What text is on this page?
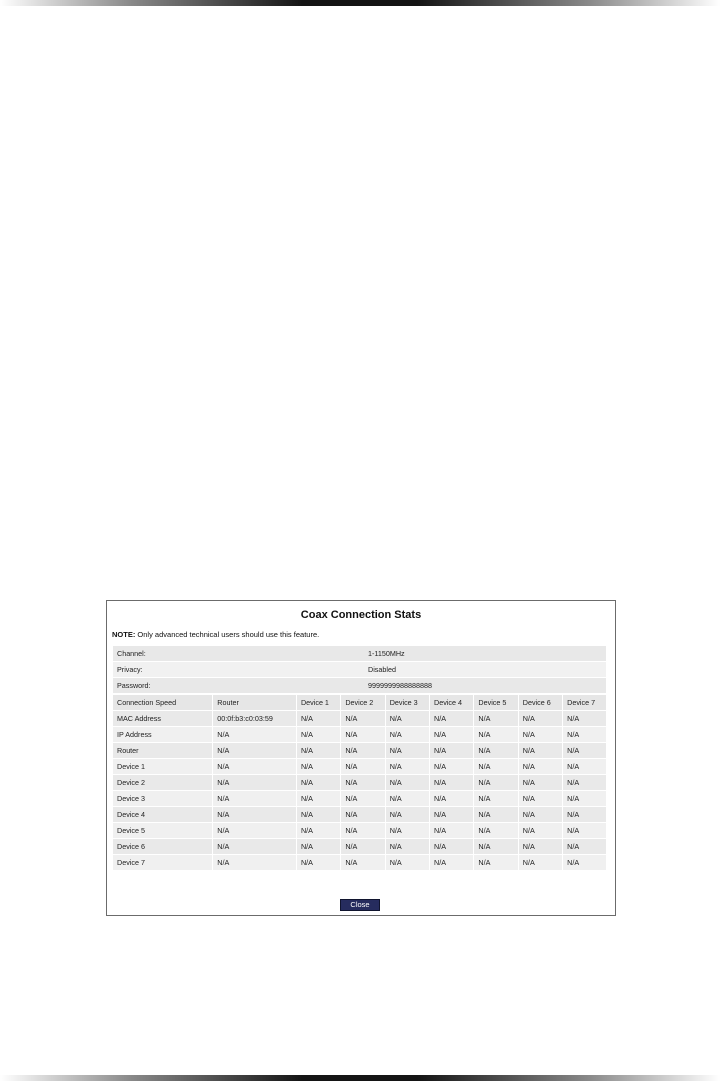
Coax Connection Stats
NOTE: Only advanced technical users should use this feature.
Channel:	1-1150MHz
Privacy:	Disabled
Password:	9999999988888888
Connection Speed	Router	Device 1	Device 2	Device 3	Device 4	Device 5	Device 6	Device 7
MAC Address	00:0f:b3:c0:03:59	N/A	N/A	N/A	N/A	N/A	N/A	N/A
IP Address	N/A	N/A	N/A	N/A	N/A	N/A	N/A	N/A
Router	N/A	N/A	N/A	N/A	N/A	N/A	N/A	N/A
Device 1	N/A	N/A	N/A	N/A	N/A	N/A	N/A	N/A
Device 2	N/A	N/A	N/A	N/A	N/A	N/A	N/A	N/A
Device 3	N/A	N/A	N/A	N/A	N/A	N/A	N/A	N/A
Device 4	N/A	N/A	N/A	N/A	N/A	N/A	N/A	N/A
Device 5	N/A	N/A	N/A	N/A	N/A	N/A	N/A	N/A
Device 6	N/A	N/A	N/A	N/A	N/A	N/A	N/A	N/A
Device 7	N/A	N/A	N/A	N/A	N/A	N/A	N/A	N/A
Close
